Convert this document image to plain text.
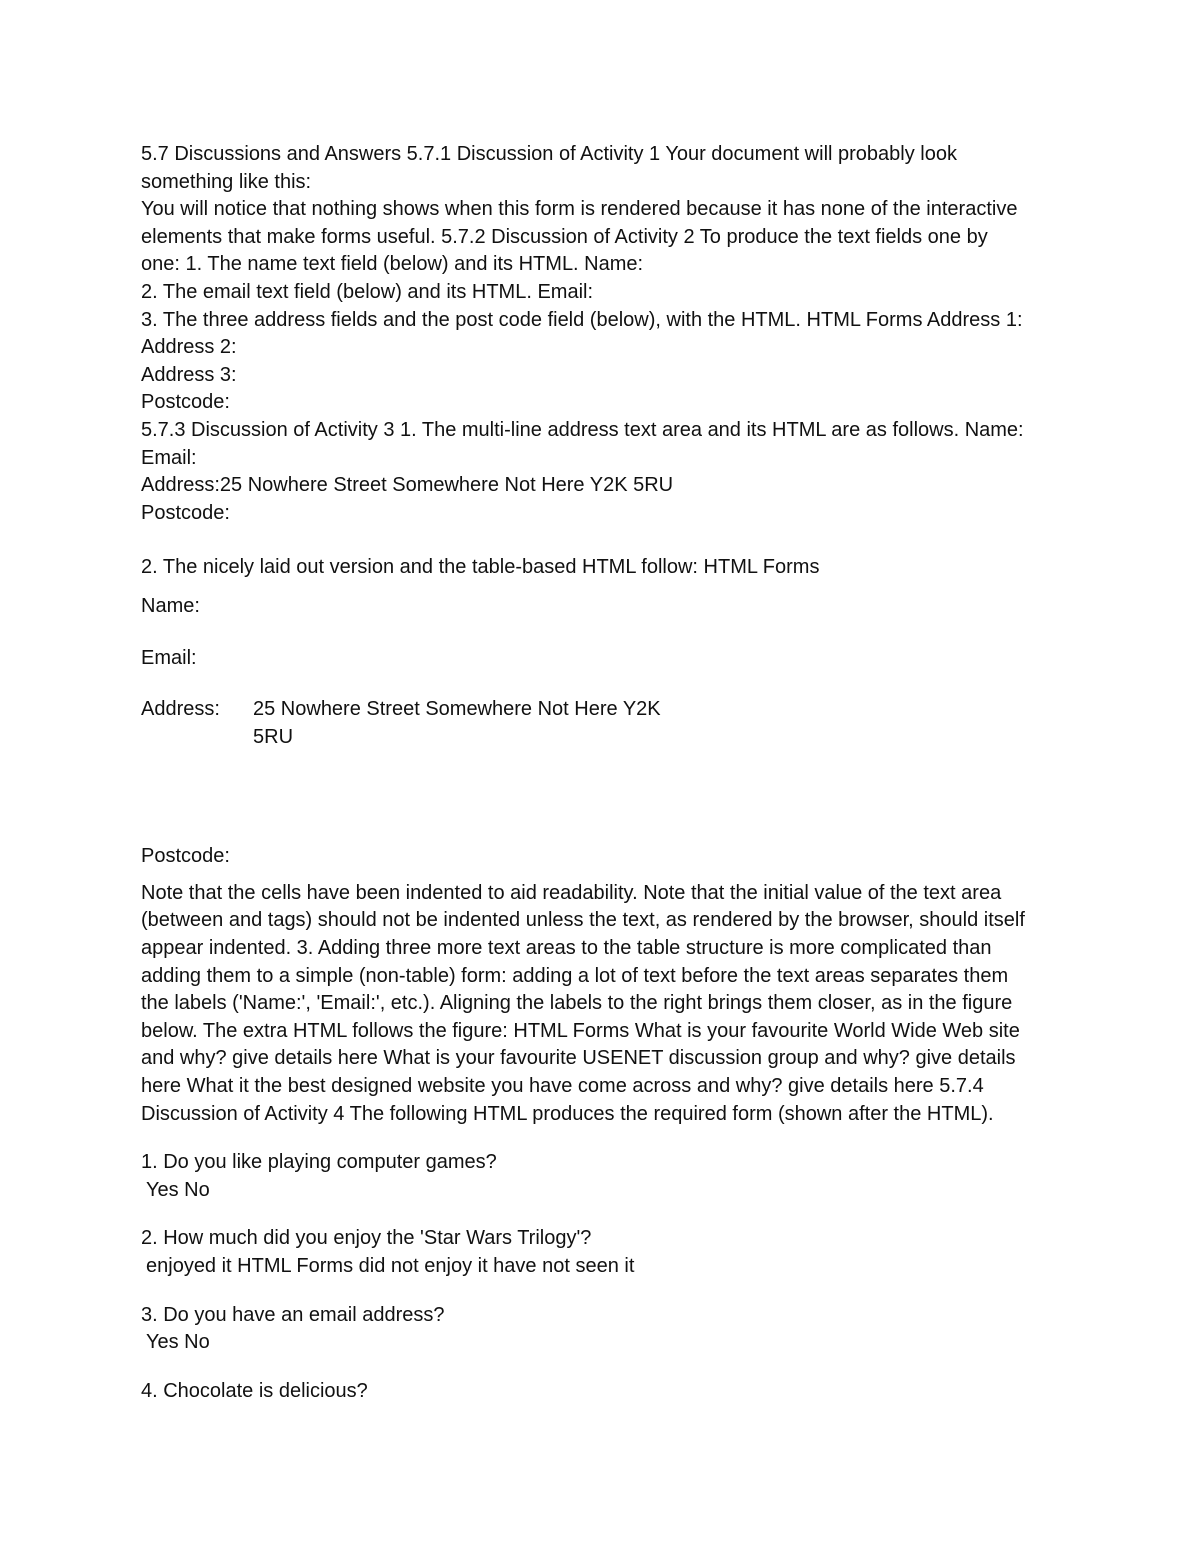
5.7 Discussions and Answers 5.7.1 Discussion of Activity 1 Your document will probably look
something like this:
You will notice that nothing shows when this form is rendered because it has none of the interactive
elements that make forms useful. 5.7.2 Discussion of Activity 2 To produce the text fields one by
one: 1. The name text field (below) and its HTML. Name:
2. The email text field (below) and its HTML. Email:
3. The three address fields and the post code field (below), with the HTML. HTML Forms Address 1:
Address 2:
Address 3:
Postcode:
5.7.3 Discussion of Activity 3 1. The multi-line address text area and its HTML are as follows. Name:
Email:
Address:25 Nowhere Street Somewhere Not Here Y2K 5RU
Postcode:
2. The nicely laid out version and the table-based HTML follow: HTML Forms
Name:
Email:
Address:	25 Nowhere Street Somewhere Not Here Y2K
5RU
Postcode:
Note that the cells have been indented to aid readability. Note that the initial value of the text area
(between and tags) should not be indented unless the text, as rendered by the browser, should itself
appear indented. 3. Adding three more text areas to the table structure is more complicated than
adding them to a simple (non-table) form: adding a lot of text before the text areas separates them
the labels ('Name:', 'Email:', etc.). Aligning the labels to the right brings them closer, as in the figure
below. The extra HTML follows the figure: HTML Forms What is your favourite World Wide Web site
and why? give details here What is your favourite USENET discussion group and why? give details
here What it the best designed website you have come across and why? give details here 5.7.4
Discussion of Activity 4 The following HTML produces the required form (shown after the HTML).
1. Do you like playing computer games?
Yes No
2. How much did you enjoy the 'Star Wars Trilogy'?
enjoyed it HTML Forms did not enjoy it have not seen it
3. Do you have an email address?
Yes No
4. Chocolate is delicious?
